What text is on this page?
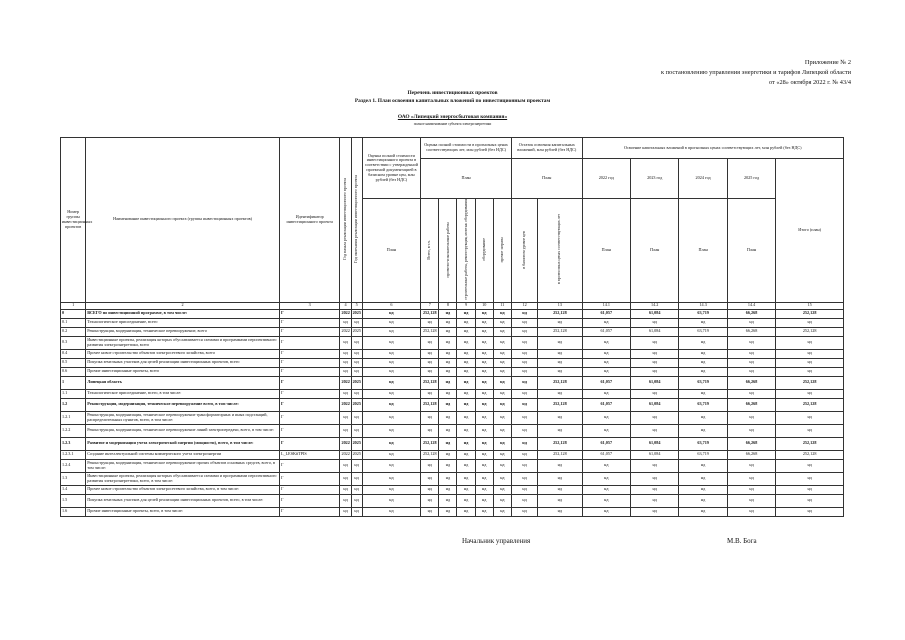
Приложение № 2
к постановлению управления энергетики и тарифов Липецкой области
от «28» октября 2022 г. № 43/4
Перечень инвестиционных проектов
Раздел 1. План освоения капитальных вложений по инвестиционным проектам
ОАО «Липецкий энергосбытовая компания»
полное наименование субъекта электроэнергетики
Номер группы инвестиционных проектов	Наименование инвестиционного проекта (группы инвестиционных проектов)	Идентификатор инвестиционного проекта	Год начала реализации инвестиционного проекта	Год окончания реализации инвестиционного проекта	Оценка полной стоимости инвестиционного проекта в соответствии с утвержденной проектной документацией в базисном уровне цен, млн рублей (без НДС)	Оценка полной стоимости в прогнозных ценах соответствующих лет, млн рублей (без НДС)					Остаток освоения капитальных вложений, млн рублей (без НДС)		Освоение капитальных вложений в прогнозных ценах соответствующих лет, млн рублей (без НДС)				
						План					План		2022 год	2023 год	2024 год	2025 год	Итого (план)
					План	Всего, в т.ч.	проектно-изыскательские работы	строительные работы, реконструкция, монтаж оборудования	оборудование	прочие затраты	в базисном уровне цен	в прогнозных ценах соответствующих лет	План	План	План	План	
1	2	3	4	5	6	7	8	9	10	11	12	13	14.1	14.2	14.3	14.4	15
0	ВСЕГО по инвестиционной программе, в том числе:	Г	2022	2025	нд	252,128	нд	нд	нд	нд	нд	252,128	61,057	61,084	63,719	66,268	252,128
0.1	Технологическое присоединение, всего	Г	нд	нд	нд	нд	нд	нд	нд	нд	нд	нд	нд	нд	нд	нд	нд
0.2	Реконструкция, модернизация, техническое перевооружение, всего	Г	2022	2025	нд	252,128	нд	нд	нд	нд	нд	252,128	61,057	61,084	63,719	66,268	252,128
0.3	Инвестиционные проекты, реализация которых обуславливается схемами и программами перспективного развития электроэнергетики, всего	Г	нд	нд	нд	нд	нд	нд	нд	нд	нд	нд	нд	нд	нд	нд	нд
0.4	Прочее новое строительство объектов электросетевого хозяйства, всего	Г	нд	нд	нд	нд	нд	нд	нд	нд	нд	нд	нд	нд	нд	нд	нд
0.5	Покупка земельных участков для целей реализации инвестиционных проектов, всего	Г	нд	нд	нд	нд	нд	нд	нд	нд	нд	нд	нд	нд	нд	нд	нд
0.6	Прочие инвестиционные проекты, всего	Г	нд	нд	нд	нд	нд	нд	нд	нд	нд	нд	нд	нд	нд	нд	нд
1	Липецкая область	Г	2022	2025	нд	252,128	нд	нд	нд	нд	нд	252,128	61,057	61,084	63,719	66,268	252,128
1.1	Технологическое присоединение, всего, в том числе:	Г	нд	нд	нд	нд	нд	нд	нд	нд	нд	нд	нд	нд	нд	нд	нд
1.2	Реконструкция, модернизация, техническое перевооружение всего, в том числе:	Г	2022	2025	нд	252,128	нд	нд	нд	нд	нд	252,128	61,057	61,084	63,719	66,268	252,128
1.2.1	Реконструкция, модернизация, техническое перевооружение трансформаторных и иных подстанций, распределительных пунктов, всего, в том числе:	Г	нд	нд	нд	нд	нд	нд	нд	нд	нд	нд	нд	нд	нд	нд	нд
1.2.2	Реконструкция, модернизация, техническое перевооружение линий электропередачи, всего, в том числе:	Г	нд	нд	нд	нд	нд	нд	нд	нд	нд	нд	нд	нд	нд	нд	нд
1.2.3	Развитие и модернизация учета электрической энергии (мощности), всего, в том числе:	Г	2022	2025	нд	252,128	нд	нд	нд	нд	нд	252,128	61,057	61,084	63,719	66,268	252,128
1.2.3.1	Создание интеллектуальной системы коммерческого учета электроэнергии	L_LESK#TPIS	2022	2025	нд	252,128	нд	нд	нд	нд	нд	252,128	61,057	61,084	63,719	66,268	252,128
1.2.4	Реконструкция, модернизация, техническое перевооружение прочих объектов основных средств, всего, в том числе:	Г	нд	нд	нд	нд	нд	нд	нд	нд	нд	нд	нд	нд	нд	нд	нд
1.3	Инвестиционные проекты, реализация которых обуславливается схемами и программами перспективного развития электроэнергетики, всего, в том числе:	Г	нд	нд	нд	нд	нд	нд	нд	нд	нд	нд	нд	нд	нд	нд	нд
1.4	Прочее новое строительство объектов электросетевого хозяйства, всего, в том числе:	Г	нд	нд	нд	нд	нд	нд	нд	нд	нд	нд	нд	нд	нд	нд	нд
1.5	Покупка земельных участков для целей реализации инвестиционных проектов, всего, в том числе:	Г	нд	нд	нд	нд	нд	нд	нд	нд	нд	нд	нд	нд	нд	нд	нд
1.6	Прочие инвестиционные проекты, всего, в том числе:	Г	нд	нд	нд	нд	нд	нд	нд	нд	нд	нд	нд	нд	нд	нд	нд
Начальник управления	М.В. Бога
